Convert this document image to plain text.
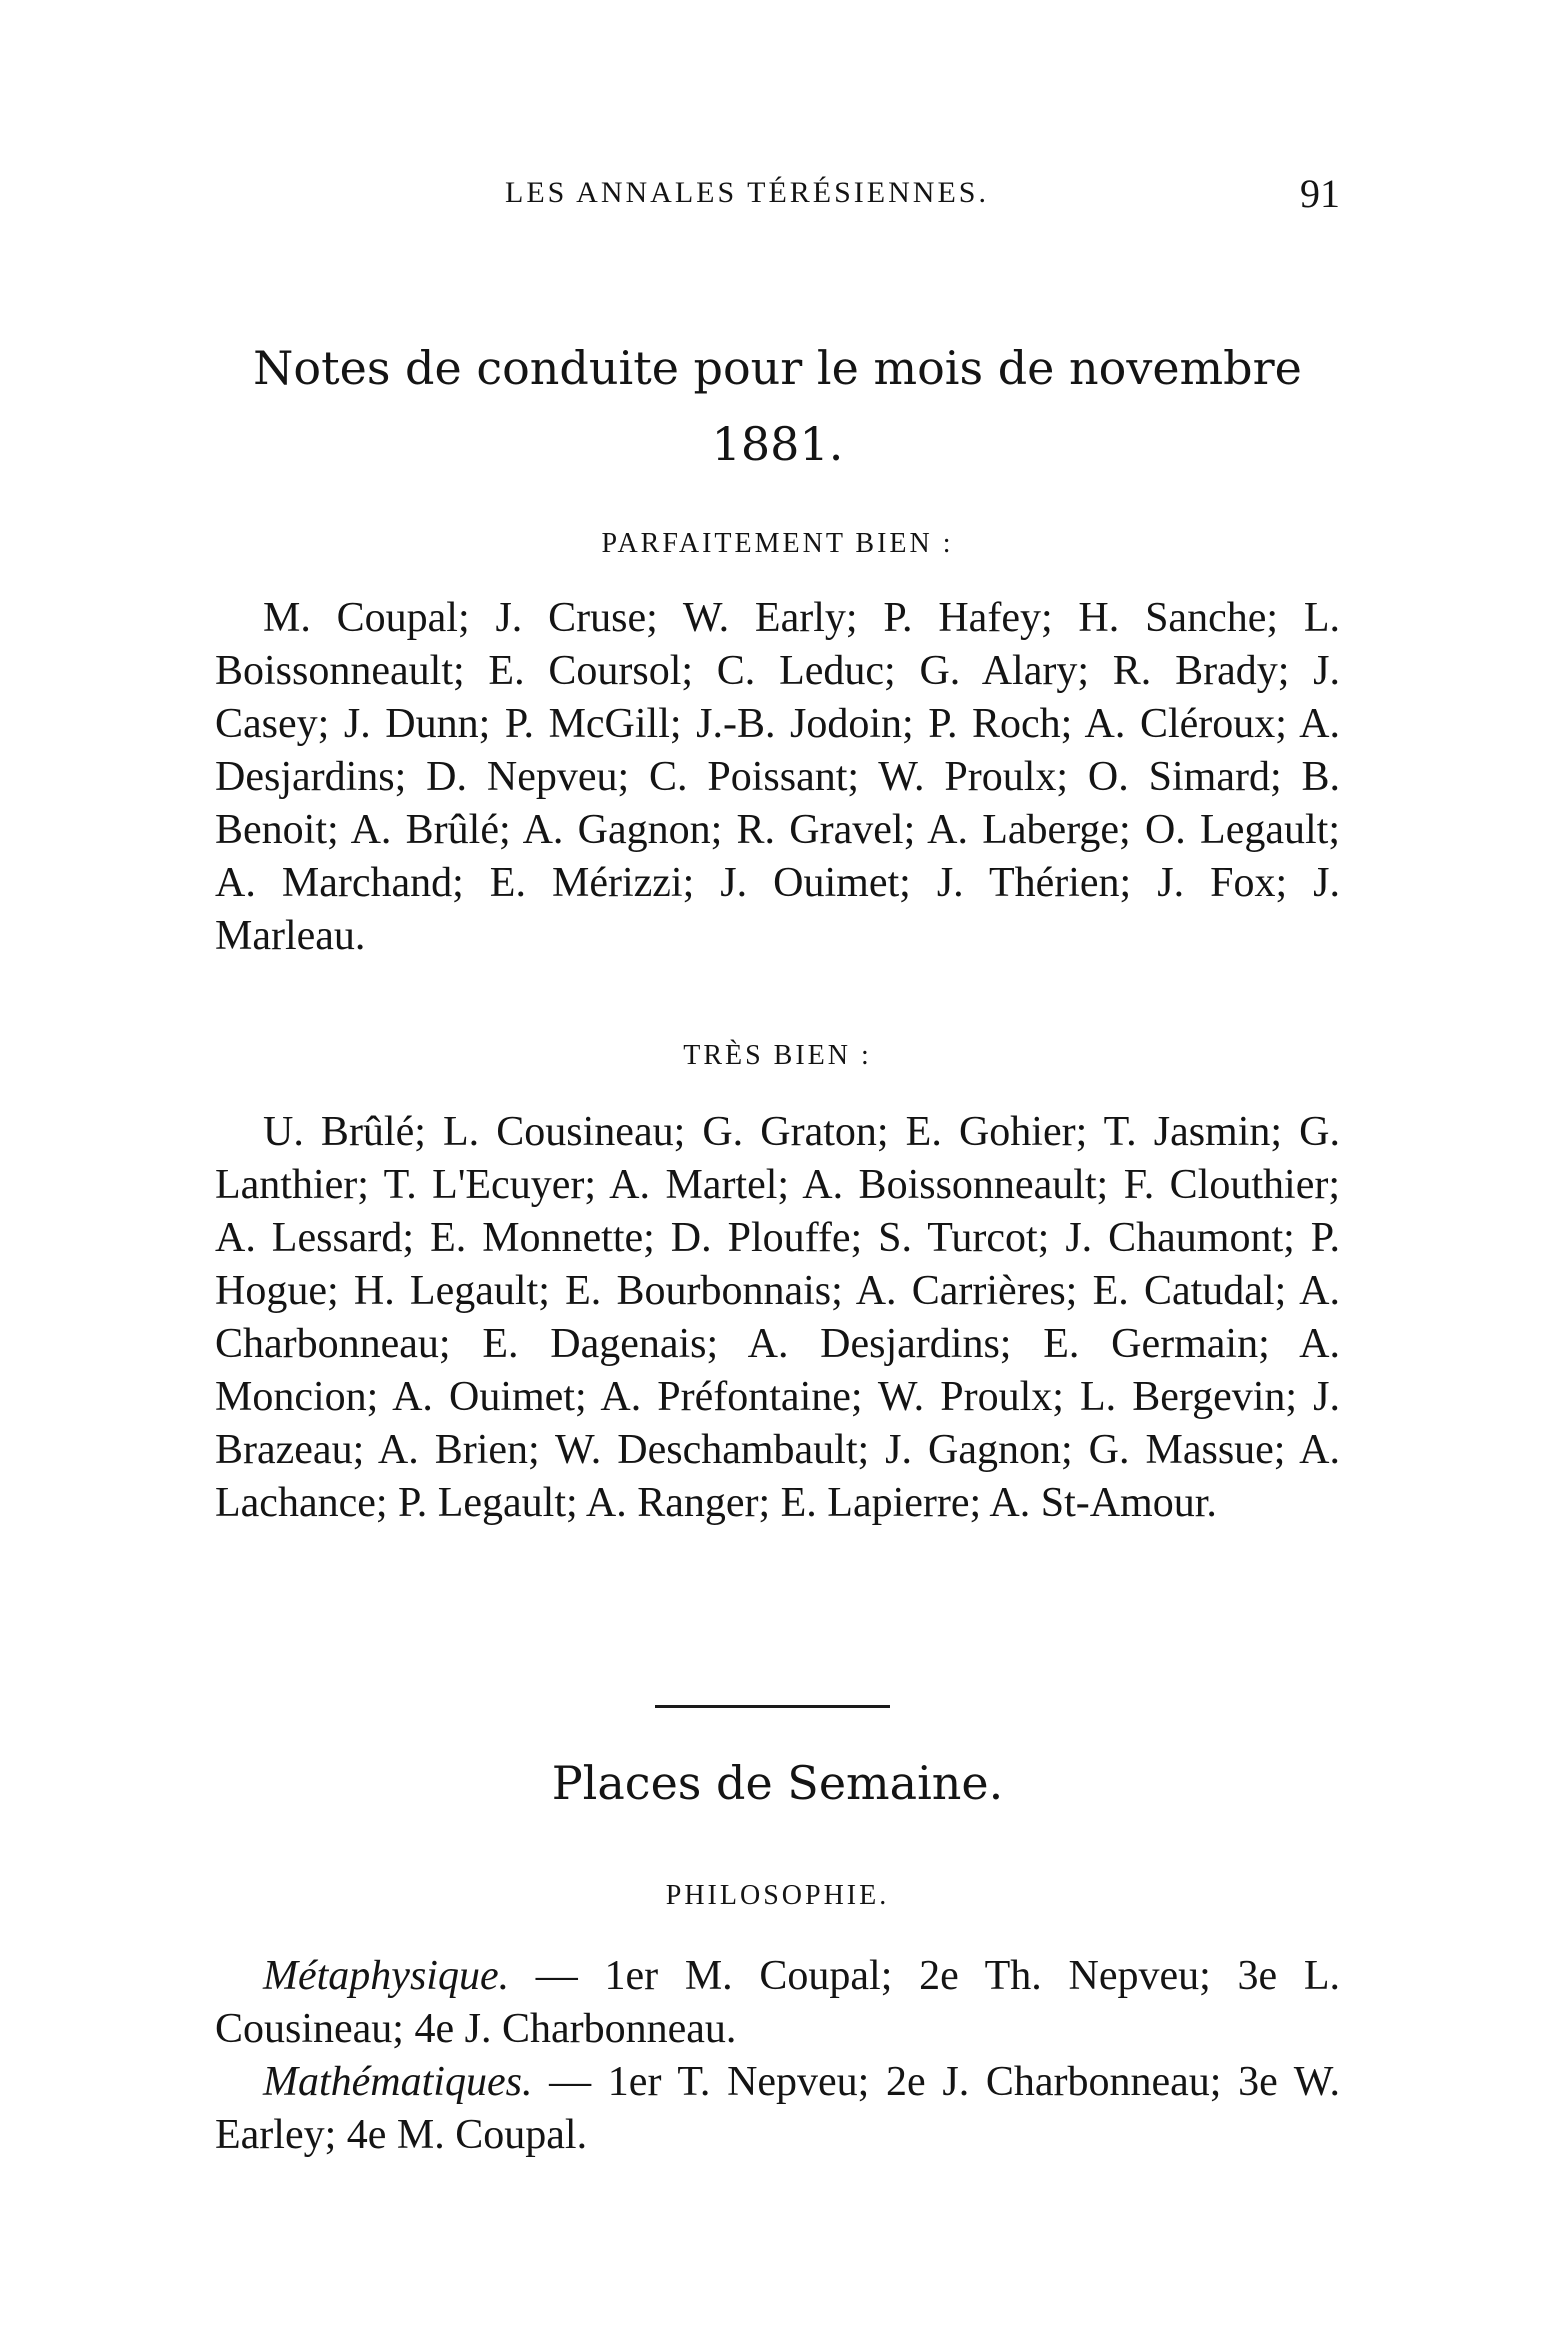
LES ANNALES TÉRÉSIENNES.	91
Notes de conduite pour le mois de novembre 1881.
PARFAITEMENT BIEN :

M. Coupal; J. Cruse; W. Early; P. Hafey; H. Sanche; L. Boissonneault; E. Coursol; C. Leduc; G. Alary; R. Brady; J. Casey; J. Dunn; P. McGill; J.-B. Jodoin; P. Roch; A. Cléroux; A. Desjardins; D. Nepveu; C. Poissant; W. Proulx; O. Simard; B. Benoit; A. Brûlé; A. Gagnon; R. Gravel; A. Laberge; O. Legault; A. Marchand; E. Mérizzi; J. Ouimet; J. Thérien; J. Fox; J. Marleau.

TRÈS BIEN :

U. Brûlé; L. Cousineau; G. Graton; E. Gohier; T. Jasmin; G. Lanthier; T. L'Ecuyer; A. Martel; A. Boissonneault; F. Clouthier; A. Lessard; E. Monnette; D. Plouffe; S. Turcot; J. Chaumont; P. Hogue; H. Legault; E. Bourbonnais; A. Carrières; E. Catudal; A. Charbonneau; E. Dagenais; A. Desjardins; E. Germain; A. Moncion; A. Ouimet; A. Préfontaine; W. Proulx; L. Bergevin; J. Brazeau; A. Brien; W. Deschambault; J. Gagnon; G. Massue; A. Lachance; P. Legault; A. Ranger; E. Lapierre; A. St-Amour.

Places de Semaine.
PHILOSOPHIE.

Métaphysique. — 1er M. Coupal; 2e Th. Nepveu; 3e L. Cousineau; 4e J. Charbonneau.

Mathématiques. — 1er T. Nepveu; 2e J. Charbonneau; 3e W. Earley; 4e M. Coupal.
